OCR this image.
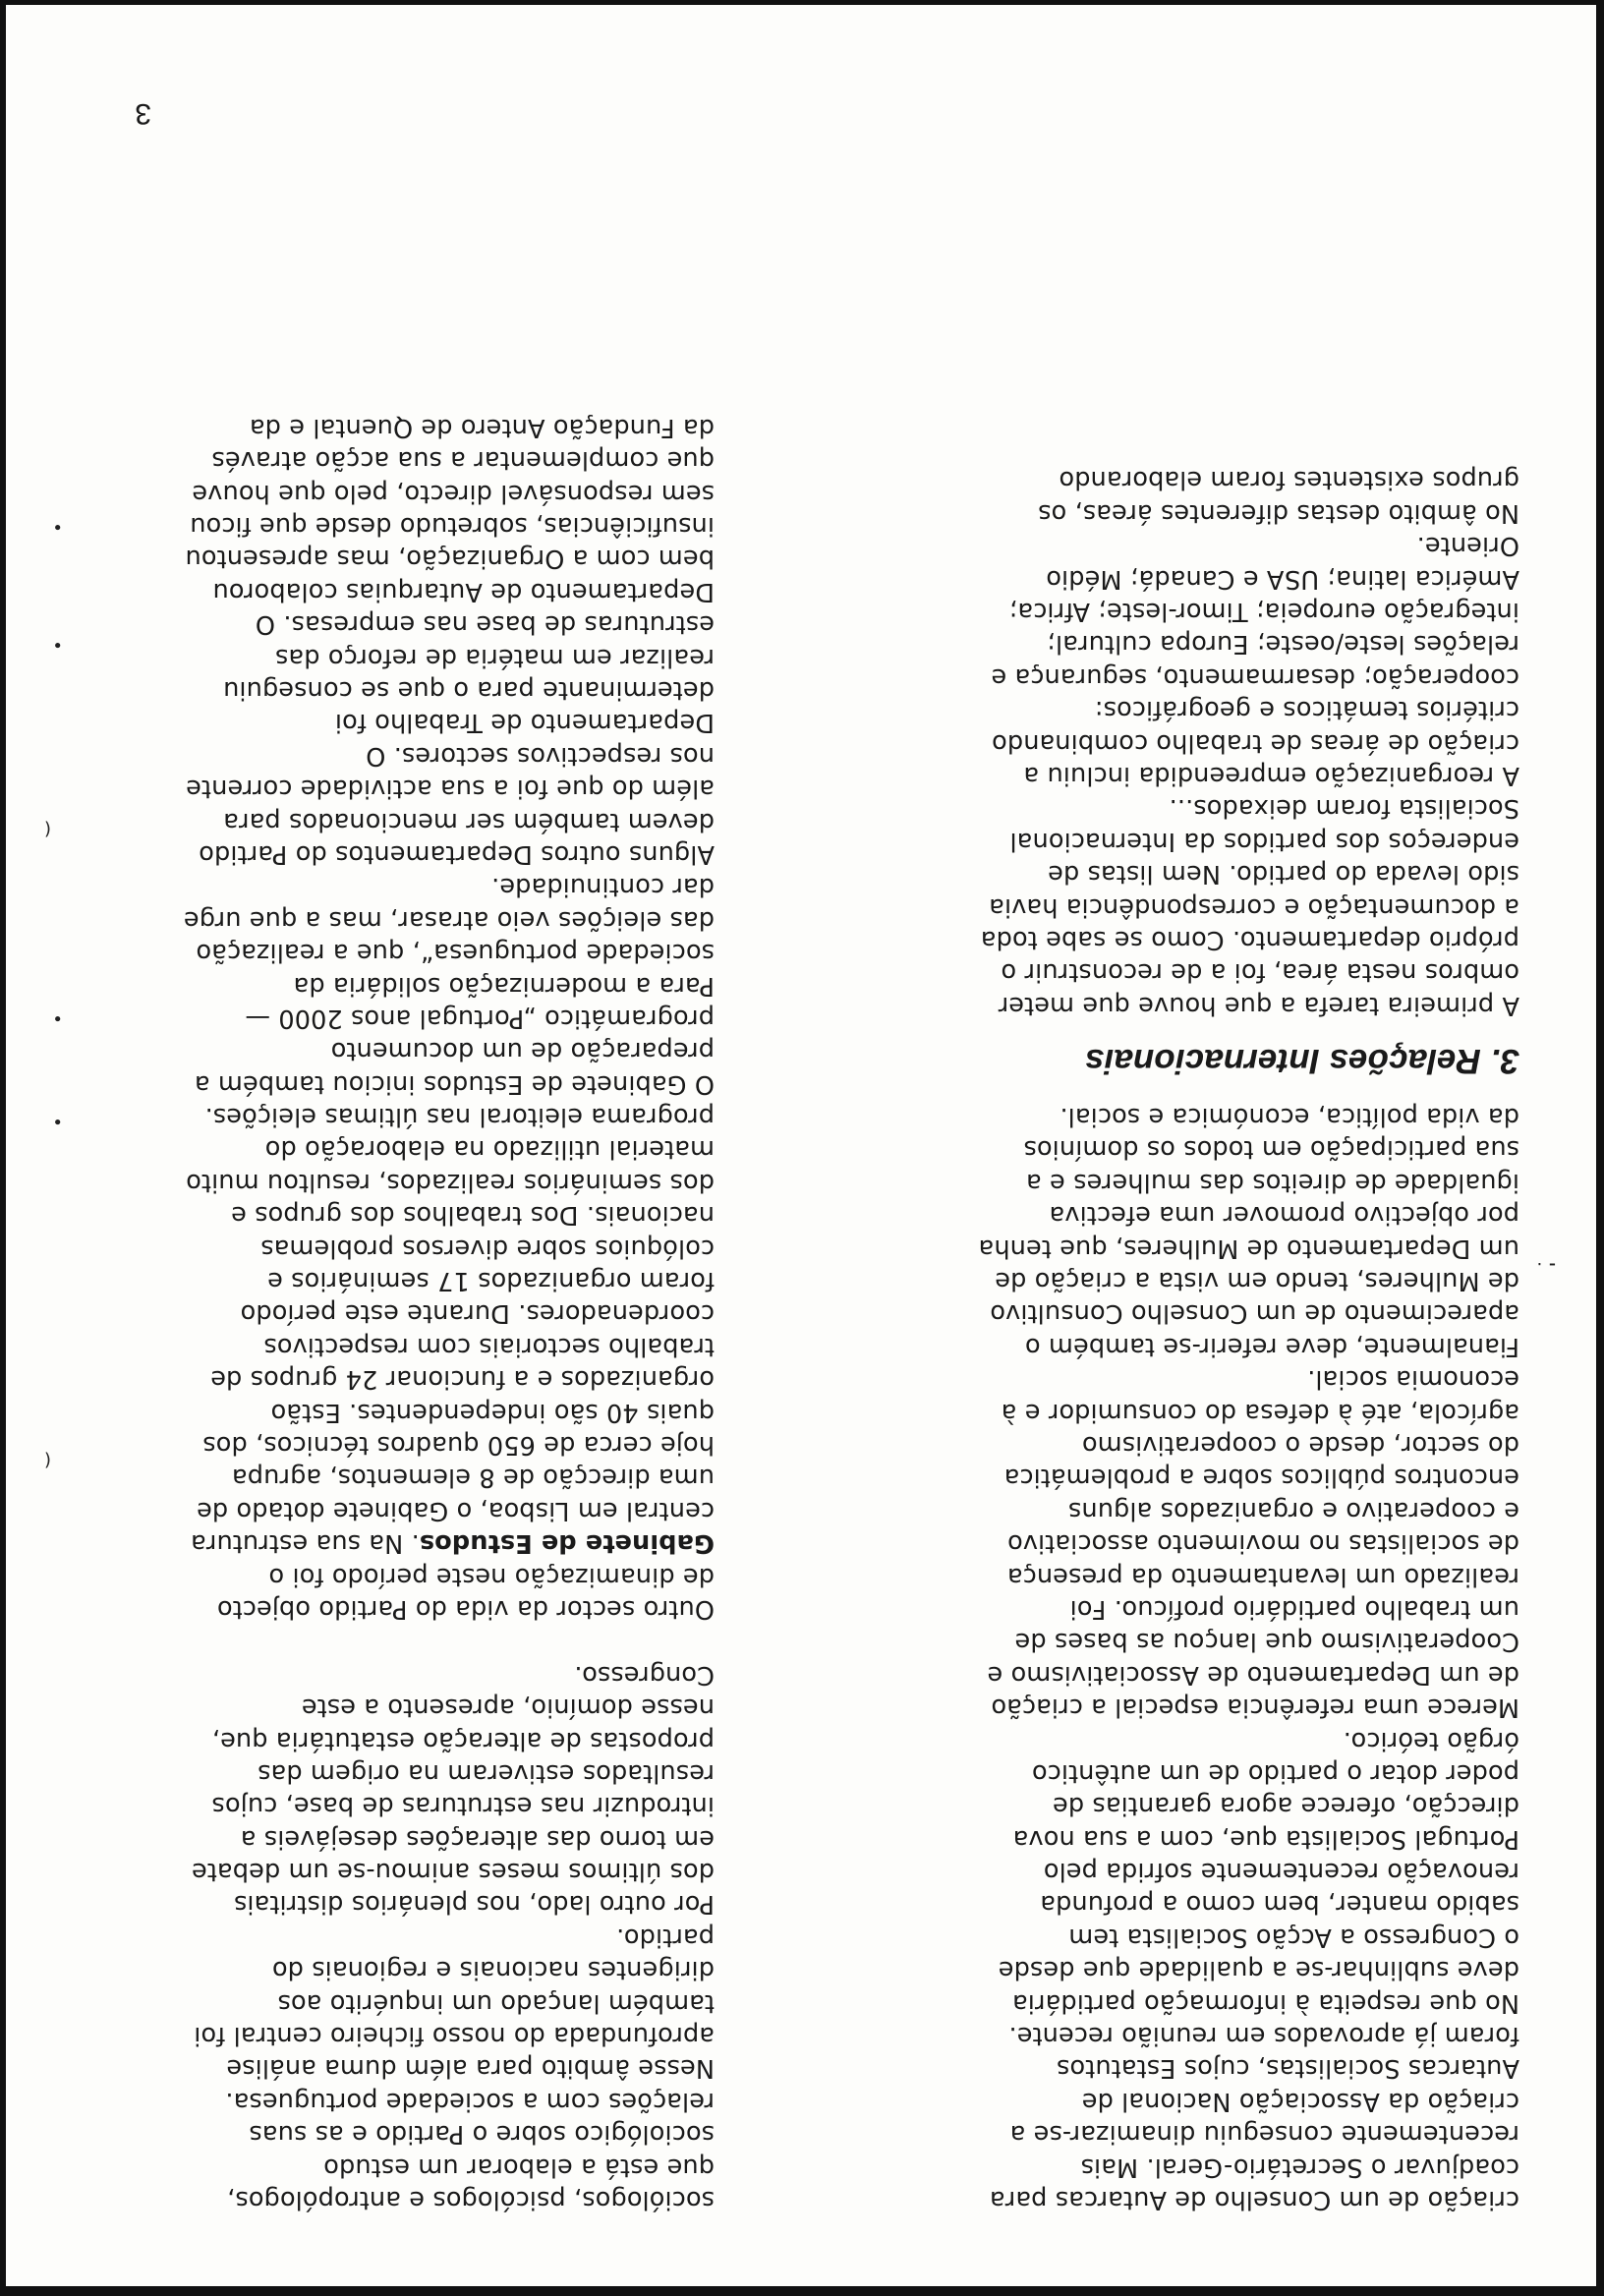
sociólogos, psicólogos e antropólogos,
que está a elaborar um estudo
sociológico sobre o Partido e as suas
relações com a sociedade portuguesa.
Nesse âmbito para além duma análise
aprofundada do nosso ficheiro central foi
também lançado um inquérito aos
dirigentes nacionais e regionais do
partido.
Por outro lado, nos plenários distritais
dos últimos meses animou-se um debate
em torno das alterações desejáveis a
introduzir nas estruturas de base, cujos
resultados estiveram na origem das
propostas de alteração estatutária que,
nesse domínio, apresento a este
Congresso.
Outro sector da vida do Partido objecto
de dinamização neste período foi o
Gabinete de Estudos. Na sua estrutura
central em Lisboa, o Gabinete dotado de
uma direcção de 8 elementos, agrupa
hoje cerca de 650 quadros técnicos, dos
quais 40 são independentes. Estão
organizados e a funcionar 24 grupos de
trabalho sectoriais com respectivos
coordenadores. Durante este período
foram organizados 17 seminários e
colóquios sobre diversos problemas
nacionais. Dos trabalhos dos grupos e
dos seminários realizados, resultou muito
material utilizado na elaboração do
programa eleitoral nas últimas eleições.
O Gabinete de Estudos iniciou também a
preparação de um documento
programático „Portugal anos 2000 —
Para a modernização solidária da
sociedade portuguesa“, que a realização
das eleições veio atrasar, mas a que urge
dar continuidade.
Alguns outros Departamentos do Partido
devem também ser mencionados para
além do que foi a sua actividade corrente
nos respectivos sectores. O
Departamento de Trabalho foi
determinante para o que se conseguiu
realizar em matéria de reforço das
estruturas de base nas empresas. O
Departamento de Autarquias colaborou
bem com a Organização, mas apresentou
insuficiências, sobretudo desde que ficou
sem responsável directo, pelo que houve
que complementar a sua acção através
da Fundação Antero de Quental e da
criação de um Conselho de Autarcas para
coadjuvar o Secretário-Geral. Mais
recentemente conseguiu dinamizar-se a
criação da Associação Nacional de
Autarcas Socialistas, cujos Estatutos
foram já aprovados em reunião recente.
No que respeita à informação partidária
deve sublinhar-se a qualidade que desde
o Congresso a Acção Socialista tem
sabido manter, bem como a profunda
renovação recentemente sofrida pelo
Portugal Socialista que, com a sua nova
direcção, oferece agora garantias de
poder dotar o partido de um autêntico
órgão teórico.
Merece uma referência especial a criação
de um Departamento de Associativismo e
Cooperativismo que lançou as bases de
um trabalho partidário profícuo. Foi
realizado um levantamento da presença
de socialistas no movimento associativo
e cooperativo e organizados alguns
encontros públicos sobre a problemática
do sector, desde o cooperativismo
agrícola, até à defesa do consumidor e à
economia social.
Fianalmente, deve referir-se também o
aparecimento de um Conselho Consultivo
de Mulheres, tendo em vista a criação de
um Departamento de Mulheres, que tenha
por objectivo promover uma efectiva
igualdade de direitos das mulheres e a
sua participação em todos os domínios
da vida política, económica e social.
3. Relações Internacionais
A primeira tarefa a que houve que meter
ombros nesta área, foi a de reconstruir o
próprio departamento. Como se sabe toda
a documentação e correspondência havia
sido levada do partido. Nem listas de
endereços dos partidos da Internacional
Socialista foram deixados...
A reorganização empreendida incluiu a
criação de áreas de trabalho combinando
critérios temáticos e geográficos:
cooperação; desarmamento, segurança e
relações leste/oeste; Europa cultural;
integração europeia; Timor-leste; Africa;
América latina; USA e Canadá; Médio
Oriente.
No âmbito destas diferentes áreas, os
grupos existentes foram elaborando
3
⁃ ·
•
•
•
•
(
(
